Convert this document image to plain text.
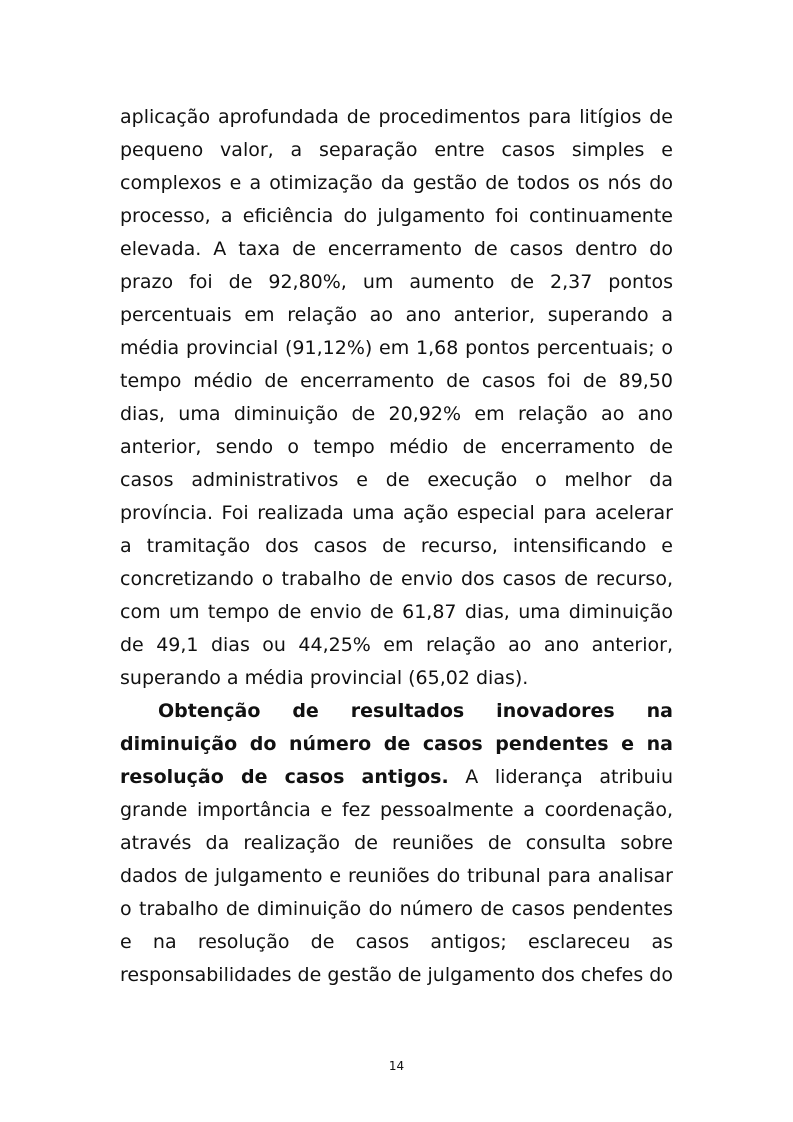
aplicação aprofundada de procedimentos para litígios de pequeno valor, a separação entre casos simples e complexos e a otimização da gestão de todos os nós do processo, a eficiência do julgamento foi continuamente elevada. A taxa de encerramento de casos dentro do prazo foi de 92,80%, um aumento de 2,37 pontos percentuais em relação ao ano anterior, superando a média provincial (91,12%) em 1,68 pontos percentuais; o tempo médio de encerramento de casos foi de 89,50 dias, uma diminuição de 20,92% em relação ao ano anterior, sendo o tempo médio de encerramento de casos administrativos e de execução o melhor da província. Foi realizada uma ação especial para acelerar a tramitação dos casos de recurso, intensificando e concretizando o trabalho de envio dos casos de recurso, com um tempo de envio de 61,87 dias, uma diminuição de 49,1 dias ou 44,25% em relação ao ano anterior, superando a média provincial (65,02 dias).

Obtenção de resultados inovadores na diminuição do número de casos pendentes e na resolução de casos antigos. A liderança atribuiu grande importância e fez pessoalmente a coordenação, através da realização de reuniões de consulta sobre dados de julgamento e reuniões do tribunal para analisar o trabalho de diminuição do número de casos pendentes e na resolução de casos antigos; esclareceu as responsabilidades de gestão de julgamento dos chefes do

14
